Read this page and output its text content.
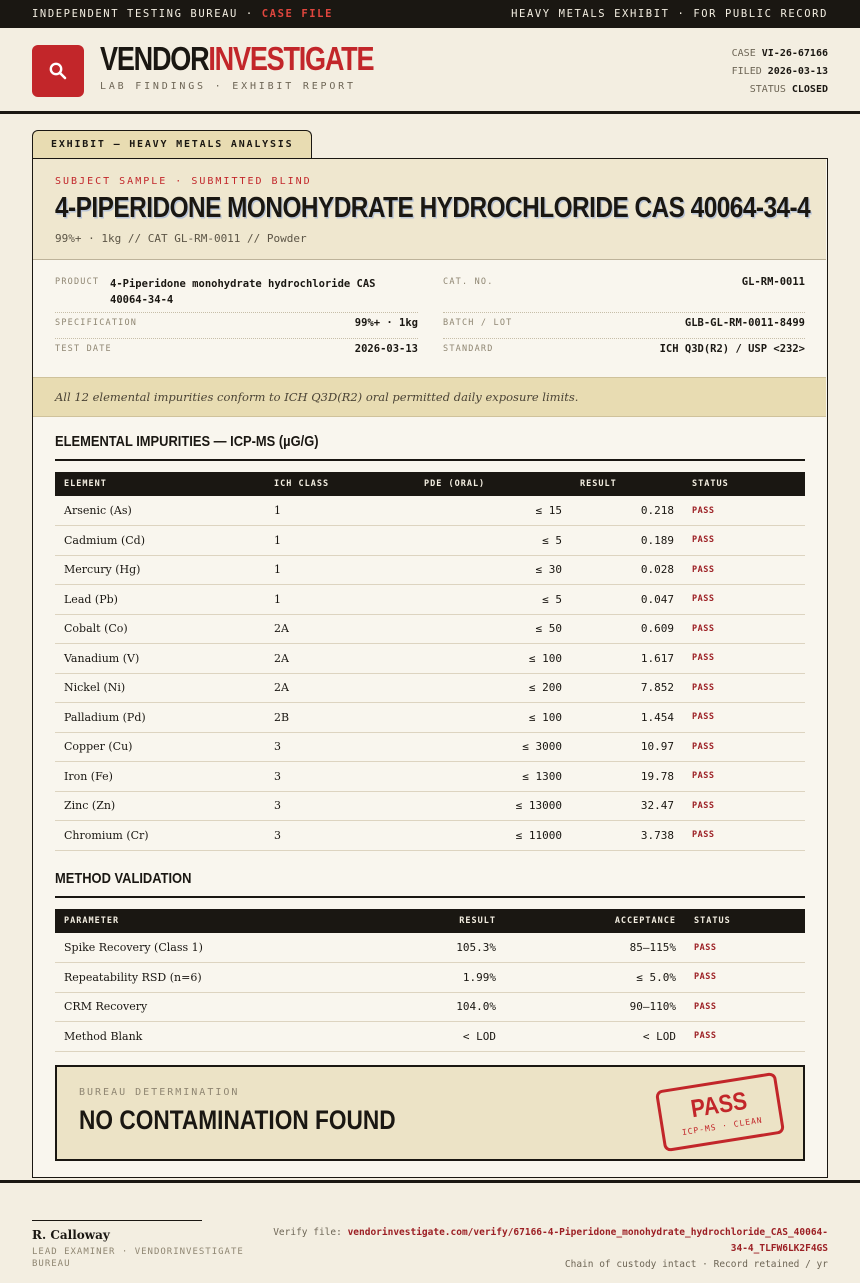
INDEPENDENT TESTING BUREAU · CASE FILE	HEAVY METALS EXHIBIT · FOR PUBLIC RECORD
VENDORINVESTIGATE
LAB FINDINGS · EXHIBIT REPORT
CASE VI-26-67166
FILED 2026-03-13
STATUS CLOSED
EXHIBIT — HEAVY METALS ANALYSIS
SUBJECT SAMPLE · SUBMITTED BLIND
4-PIPERIDONE MONOHYDRATE HYDROCHLORIDE CAS 40064-34-4
99%+ · 1kg // CAT GL-RM-0011 // Powder
PRODUCT 4-Piperidone monohydrate hydrochloride CAS 40064-34-4
SPECIFICATION	99%+ · 1kg
TEST DATE	2026-03-13
CAT. NO.	GL-RM-0011
BATCH / LOT	GLB-GL-RM-0011-8499
STANDARD	ICH Q3D(R2) / USP <232>
All 12 elemental impurities conform to ICH Q3D(R2) oral permitted daily exposure limits.
ELEMENTAL IMPURITIES — ICP-MS (µG/G)
ELEMENT	ICH CLASS	PDE (ORAL)	RESULT	STATUS
Arsenic (As)	1	≤ 15	0.218	PASS
Cadmium (Cd)	1	≤ 5	0.189	PASS
Mercury (Hg)	1	≤ 30	0.028	PASS
Lead (Pb)	1	≤ 5	0.047	PASS
Cobalt (Co)	2A	≤ 50	0.609	PASS
Vanadium (V)	2A	≤ 100	1.617	PASS
Nickel (Ni)	2A	≤ 200	7.852	PASS
Palladium (Pd)	2B	≤ 100	1.454	PASS
Copper (Cu)	3	≤ 3000	10.97	PASS
Iron (Fe)	3	≤ 1300	19.78	PASS
Zinc (Zn)	3	≤ 13000	32.47	PASS
Chromium (Cr)	3	≤ 11000	3.738	PASS
METHOD VALIDATION
PARAMETER	RESULT	ACCEPTANCE	STATUS
Spike Recovery (Class 1)	105.3%	85–115%	PASS
Repeatability RSD (n=6)	1.99%	≤ 5.0%	PASS
CRM Recovery	104.0%	90–110%	PASS
Method Blank	< LOD	< LOD	PASS
BUREAU DETERMINATION
NO CONTAMINATION FOUND	PASS
ICP-MS · CLEAN
R. Calloway
LEAD EXAMINER · VENDORINVESTIGATE BUREAU
Verify file: vendorinvestigate.com/verify/67166-4-Piperidone_monohydrate_hydrochloride_CAS_40064-34-4_TLFW6LK2F4GS
Chain of custody intact · Record retained / yr
